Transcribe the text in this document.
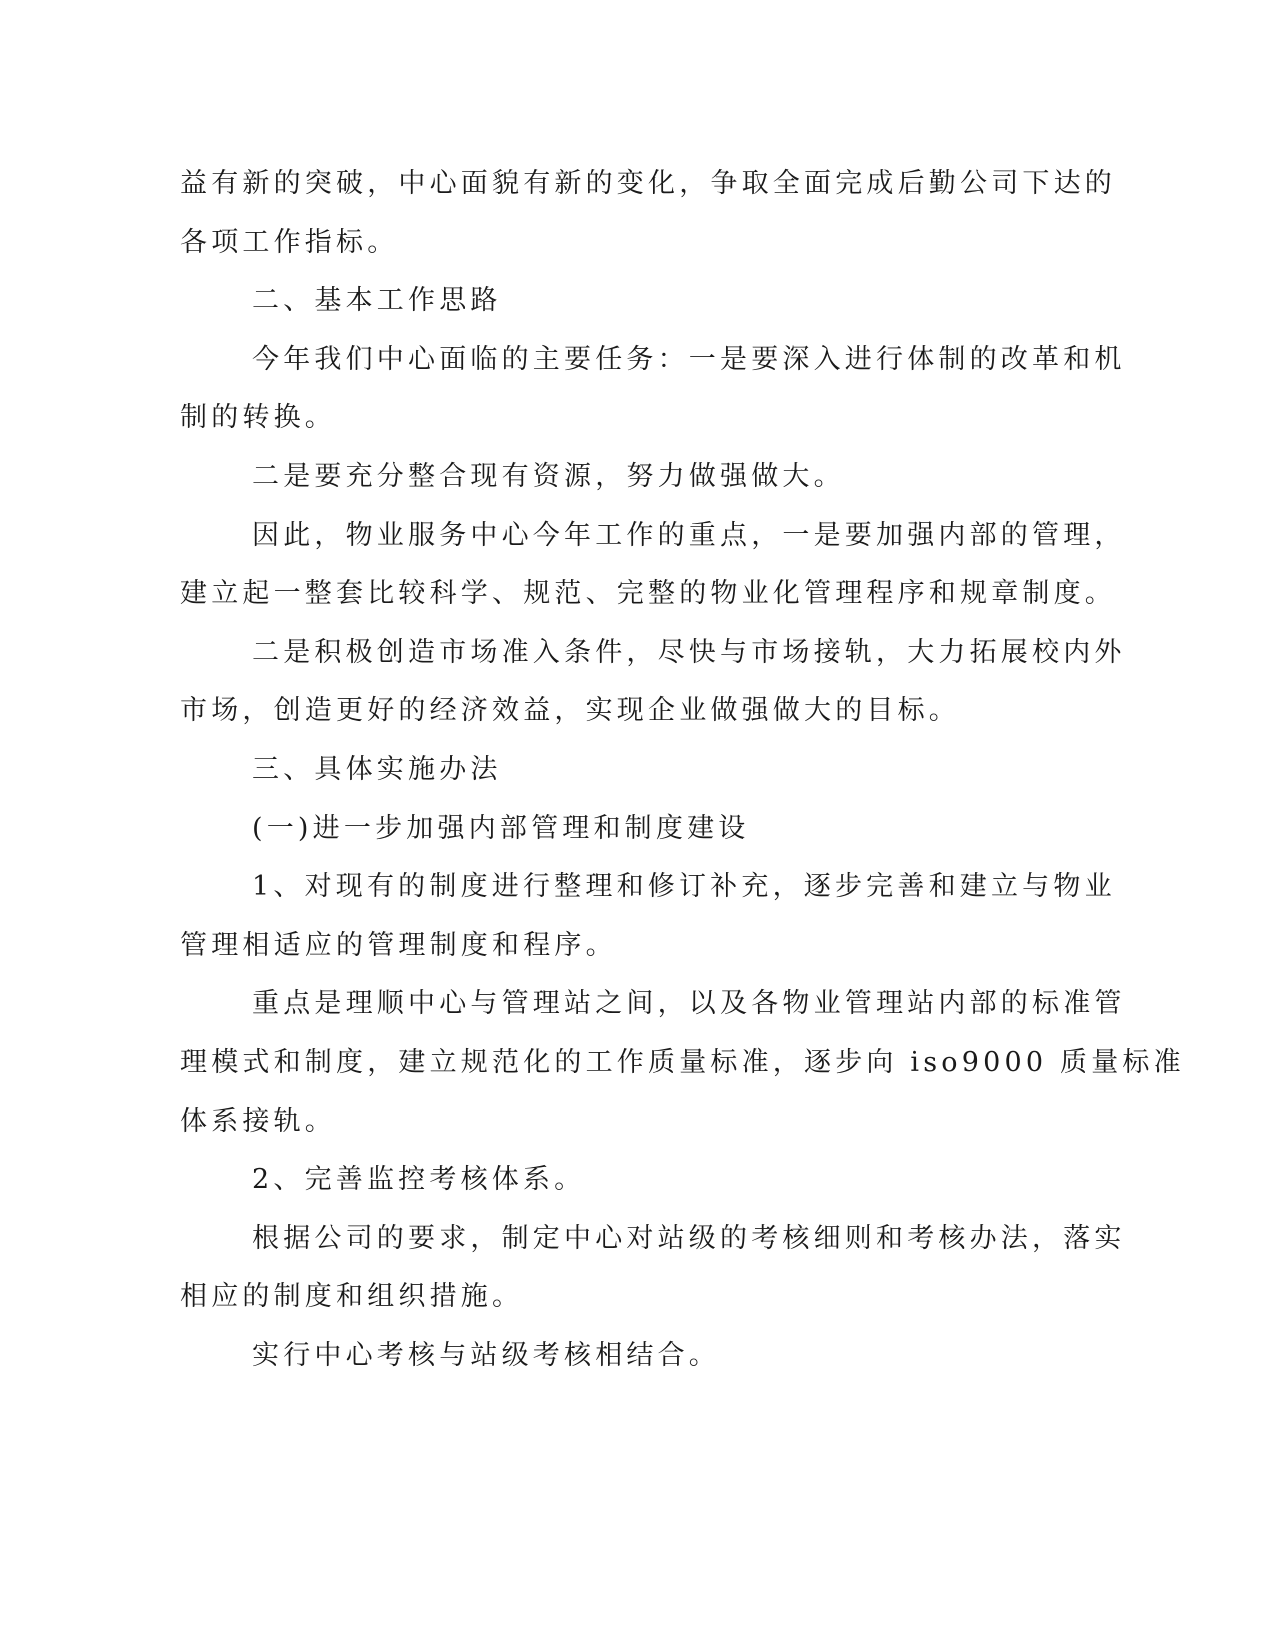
益有新的突破，中心面貌有新的变化，争取全面完成后勤公司下达的
各项工作指标。
二、基本工作思路
今年我们中心面临的主要任务：一是要深入进行体制的改革和机
制的转换。
二是要充分整合现有资源，努力做强做大。
因此，物业服务中心今年工作的重点，一是要加强内部的管理，
建立起一整套比较科学、规范、完整的物业化管理程序和规章制度。
二是积极创造市场准入条件，尽快与市场接轨，大力拓展校内外
市场，创造更好的经济效益，实现企业做强做大的目标。
三、具体实施办法
(一)进一步加强内部管理和制度建设
1、对现有的制度进行整理和修订补充，逐步完善和建立与物业
管理相适应的管理制度和程序。
重点是理顺中心与管理站之间，以及各物业管理站内部的标准管
理模式和制度，建立规范化的工作质量标准，逐步向 iso9000 质量标准
体系接轨。
2、完善监控考核体系。
根据公司的要求，制定中心对站级的考核细则和考核办法，落实
相应的制度和组织措施。
实行中心考核与站级考核相结合。
